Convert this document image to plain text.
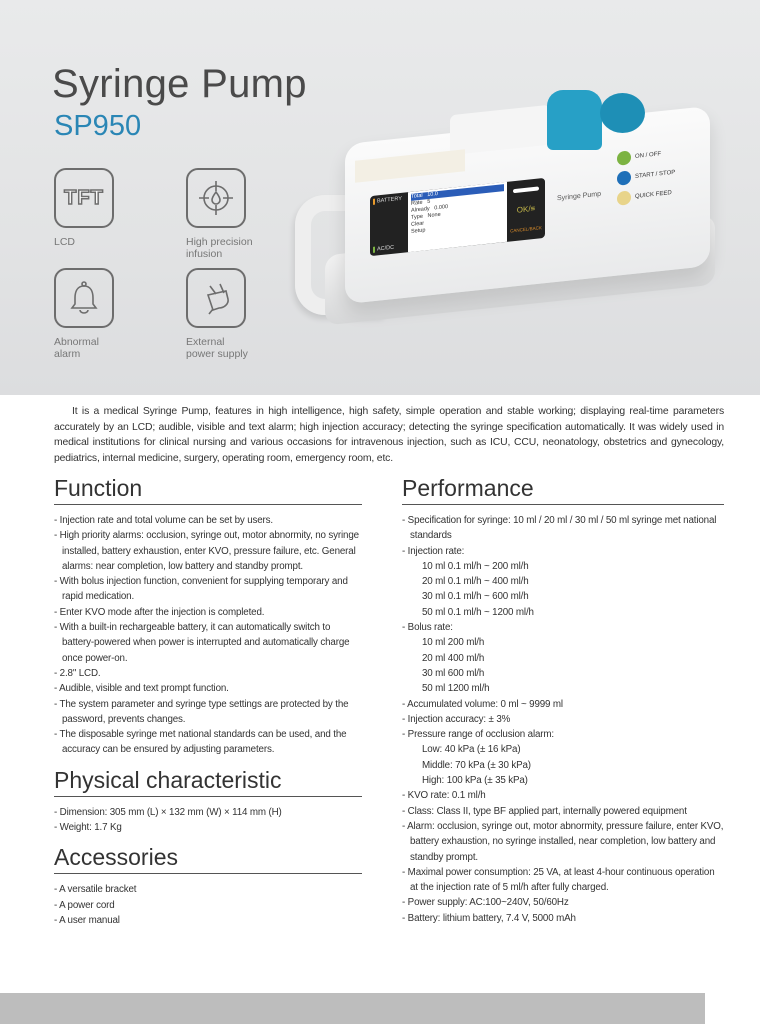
Syringe Pump
SP950
TFT
LCD	High precision
infusion
Abnormal
alarm
External
power supply
BATTERY
AC/DC
Total 10.0
Rate 5
Already 0.000
Type None
Clear
Setup
OK/≡
CANCEL/BACK
Syringe Pump
ON / OFF
START / STOP
QUICK FEED

It is a medical Syringe Pump, features in high intelligence, high safety, simple operation and stable working; displaying real-time parameters accurately by an LCD; audible, visible and text alarm; high injection accuracy; detecting the syringe specification automatically. It was widely used in medical institutions for clinical nursing and various occasions for intravenous injection, such as ICU, CCU, neonatology, obstetrics and gynecology, pediatrics, internal medicine, surgery, operating room, emergency room, etc.

Function
- Injection rate and total volume can be set by users.
- High priority alarms: occlusion, syringe out, motor abnormity, no syringe installed, battery exhaustion, enter KVO, pressure failure, etc. General alarms: near completion, low battery and standby prompt.
- With bolus injection function, convenient for supplying temporary and rapid medication.
- Enter KVO mode after the injection is completed.
- With a built-in rechargeable battery, it can automatically switch to battery-powered when power is interrupted and automatically charge once power-on.
- 2.8" LCD.
- Audible, visible and text prompt function.
- The system parameter and syringe type settings are protected by the password, prevents changes.
- The disposable syringe met national standards can be used, and the accuracy can be ensured by adjusting parameters.
Physical characteristic
- Dimension: 305 mm (L) × 132 mm (W) × 114 mm (H)
- Weight: 1.7 Kg
Accessories
- A versatile bracket
- A power cord
- A user manual
Performance
- Specification for syringe: 10 ml / 20 ml / 30 ml / 50 ml syringe met national standards
- Injection rate:
10 ml 0.1 ml/h ~ 200 ml/h
20 ml 0.1 ml/h ~ 400 ml/h
30 ml 0.1 ml/h ~ 600 ml/h
50 ml 0.1 ml/h ~ 1200 ml/h
- Bolus rate:
10 ml 200 ml/h
20 ml 400 ml/h
30 ml 600 ml/h
50 ml 1200 ml/h
- Accumulated volume: 0 ml ~ 9999 ml
- Injection accuracy: ± 3%
- Pressure range of occlusion alarm:
Low: 40 kPa (± 16 kPa)
Middle: 70 kPa (± 30 kPa)
High: 100 kPa (± 35 kPa)
- KVO rate: 0.1 ml/h
- Class: Class II, type BF applied part, internally powered equipment
- Alarm: occlusion, syringe out, motor abnormity, pressure failure, enter KVO, battery exhaustion, no syringe installed, near completion, low battery and standby prompt.
- Maximal power consumption: 25 VA, at least 4-hour continuous operation at the injection rate of 5 ml/h after fully charged.
- Power supply: AC:100~240V, 50/60Hz
- Battery: lithium battery, 7.4 V, 5000 mAh
